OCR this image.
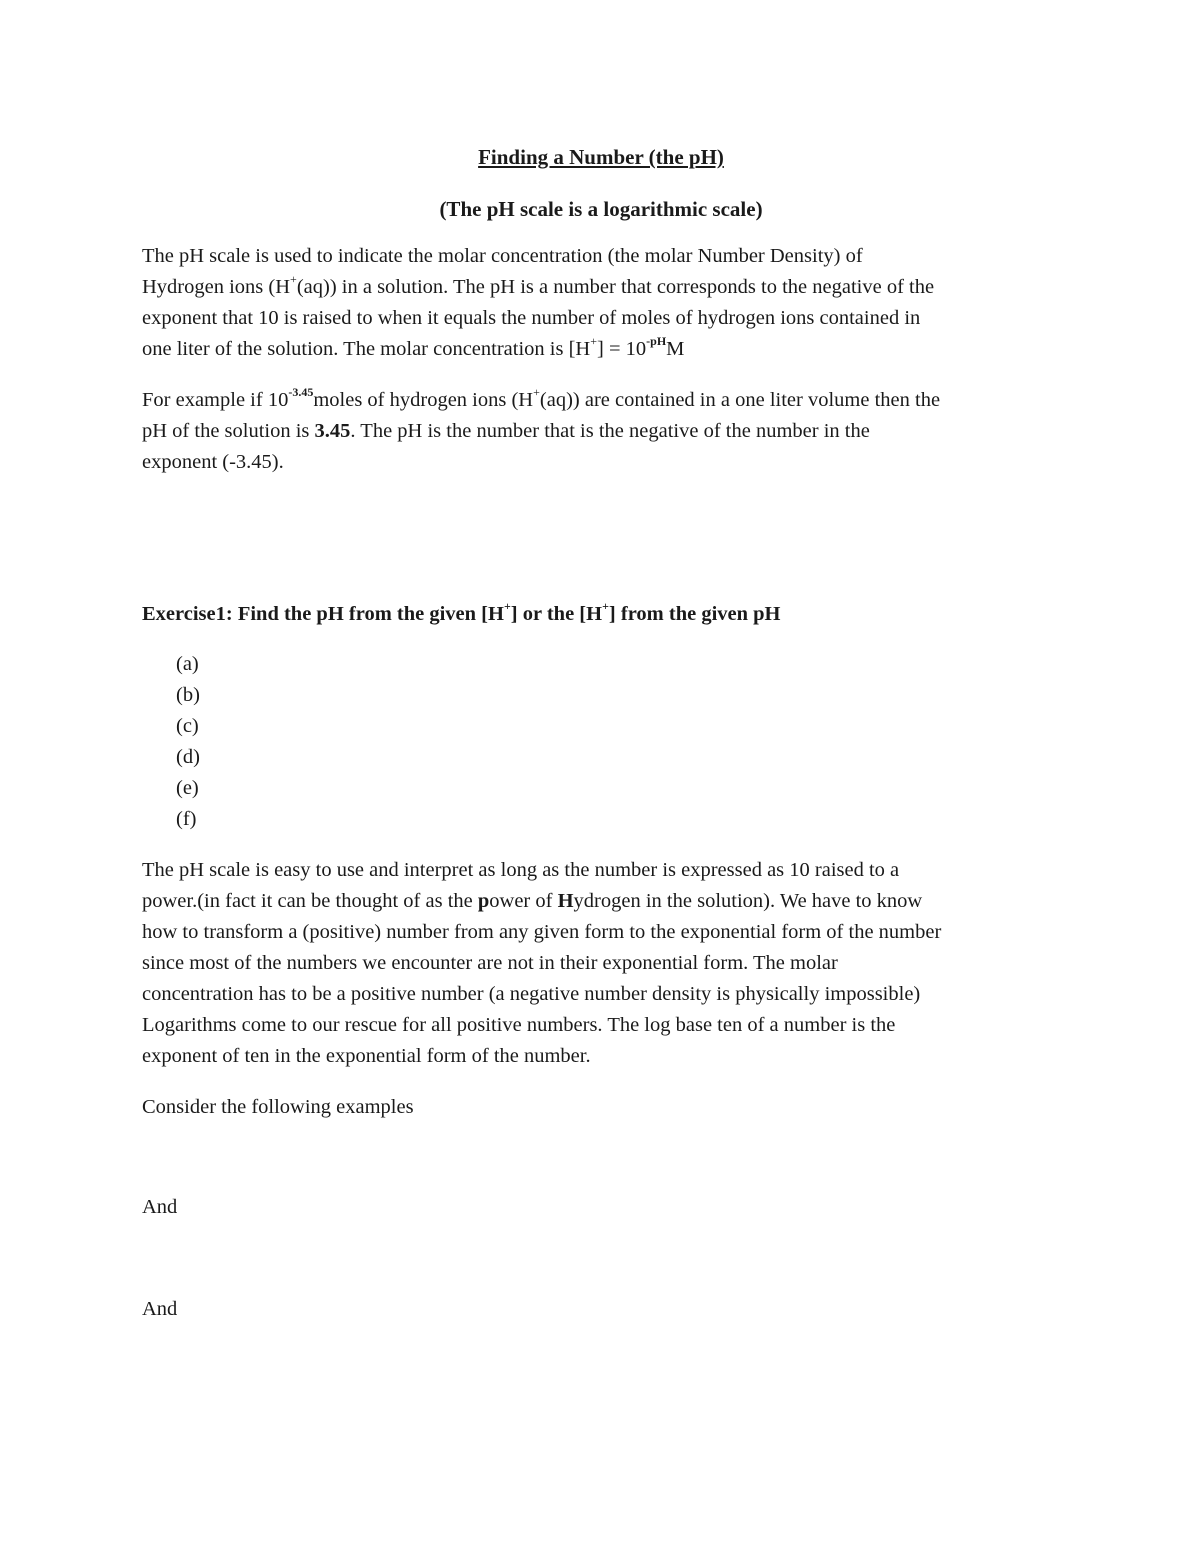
Finding a Number (the pH)
(The pH scale is a logarithmic scale)
The pH scale is used to indicate the molar concentration (the molar Number Density) of
Hydrogen ions (H+(aq)) in a solution. The pH is a number that corresponds to the negative of the
exponent that 10 is raised to when it equals the number of moles of hydrogen ions contained in
one liter of the solution. The molar concentration is $[H^+] = 10^{-pH}M$
For example if $10^{-3.45}moles$ of hydrogen ions (H+(aq)) are contained in a one liter volume then the
pH of the solution is 3.45. The pH is the number that is the negative of the number in the
exponent (-3.45).
Exercise1: Find the pH from the given [H+] or the [H+] from the given pH
(a)
(b)
(c)
(d)
(e)
(f)
The pH scale is easy to use and interpret as long as the number is expressed as 10 raised to a
power.(in fact it can be thought of as the power of Hydrogen in the solution). We have to know
how to transform a (positive) number from any given form to the exponential form of the number
since most of the numbers we encounter are not in their exponential form. The molar
concentration has to be a positive number (a negative number density is physically impossible)
Logarithms come to our rescue for all positive numbers. The log base ten of a number is the
exponent of ten in the exponential form of the number.
Consider the following examples
And
And
